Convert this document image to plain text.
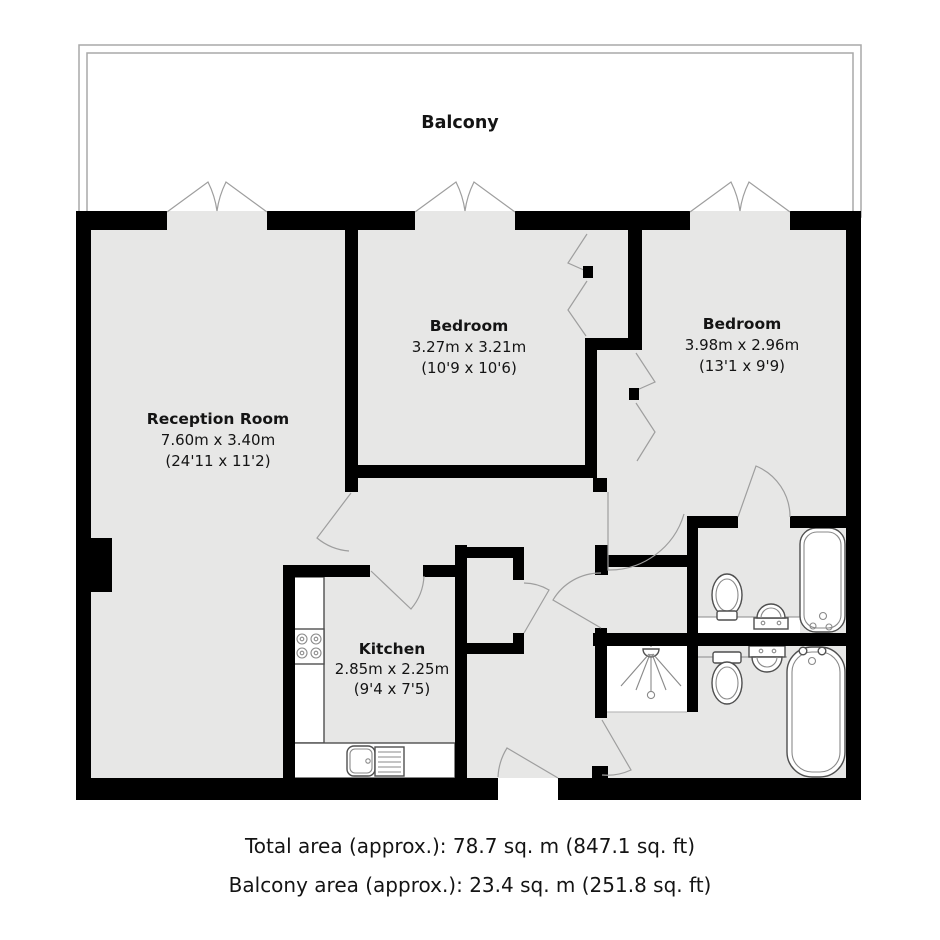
Balcony
Reception Room
7.60m x 3.40m
(24'11 x 11'2)
Bedroom
3.27m x 3.21m
(10'9 x 10'6)
Bedroom
3.98m x 2.96m
(13'1 x 9'9)
Kitchen
2.85m x 2.25m
(9'4 x 7'5)
Total area (approx.): 78.7 sq. m (847.1 sq. ft)
Balcony area (approx.): 23.4 sq. m (251.8 sq. ft)
